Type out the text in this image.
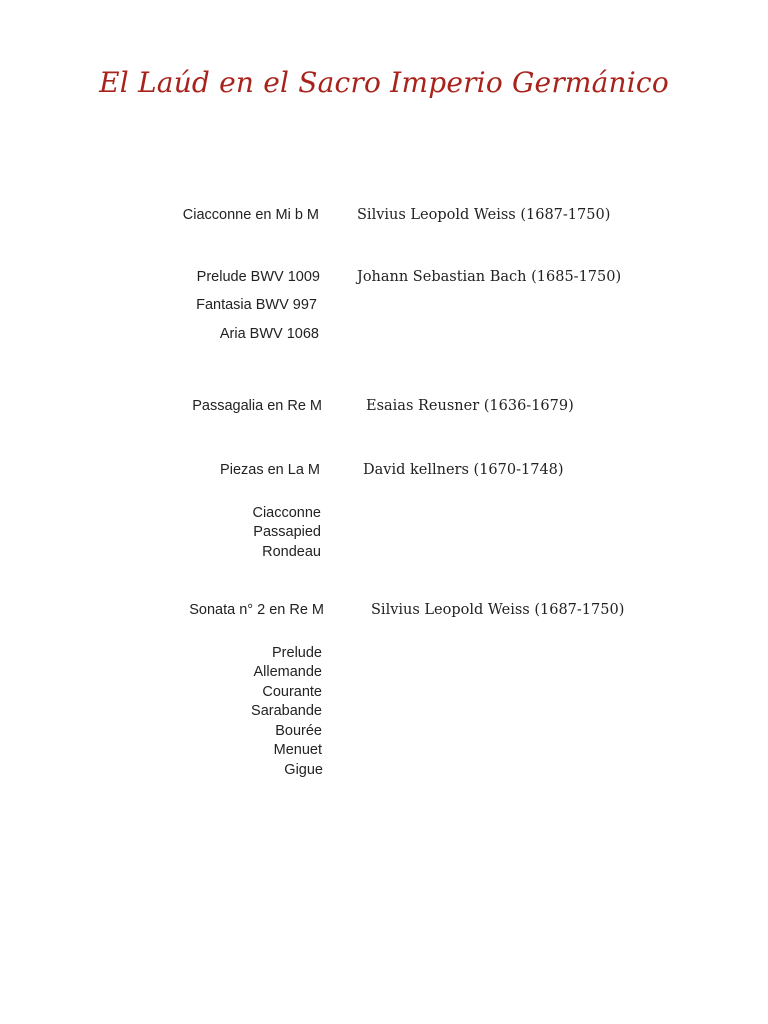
El Laúd en el Sacro Imperio Germánico
Ciacconne en Mi b M	Silvius Leopold Weiss (1687-1750)
Prelude BWV 1009	Johann Sebastian Bach (1685-1750)
Fantasia BWV 997
Aria BWV 1068
Passagalia en Re M	Esaias Reusner (1636-1679)
Piezas en La M	David kellners (1670-1748)
Ciacconne
Passapied
Rondeau
Sonata n° 2 en Re M	Silvius Leopold Weiss (1687-1750)
Prelude
Allemande
Courante
Sarabande
Bourée
Menuet
Gigue
